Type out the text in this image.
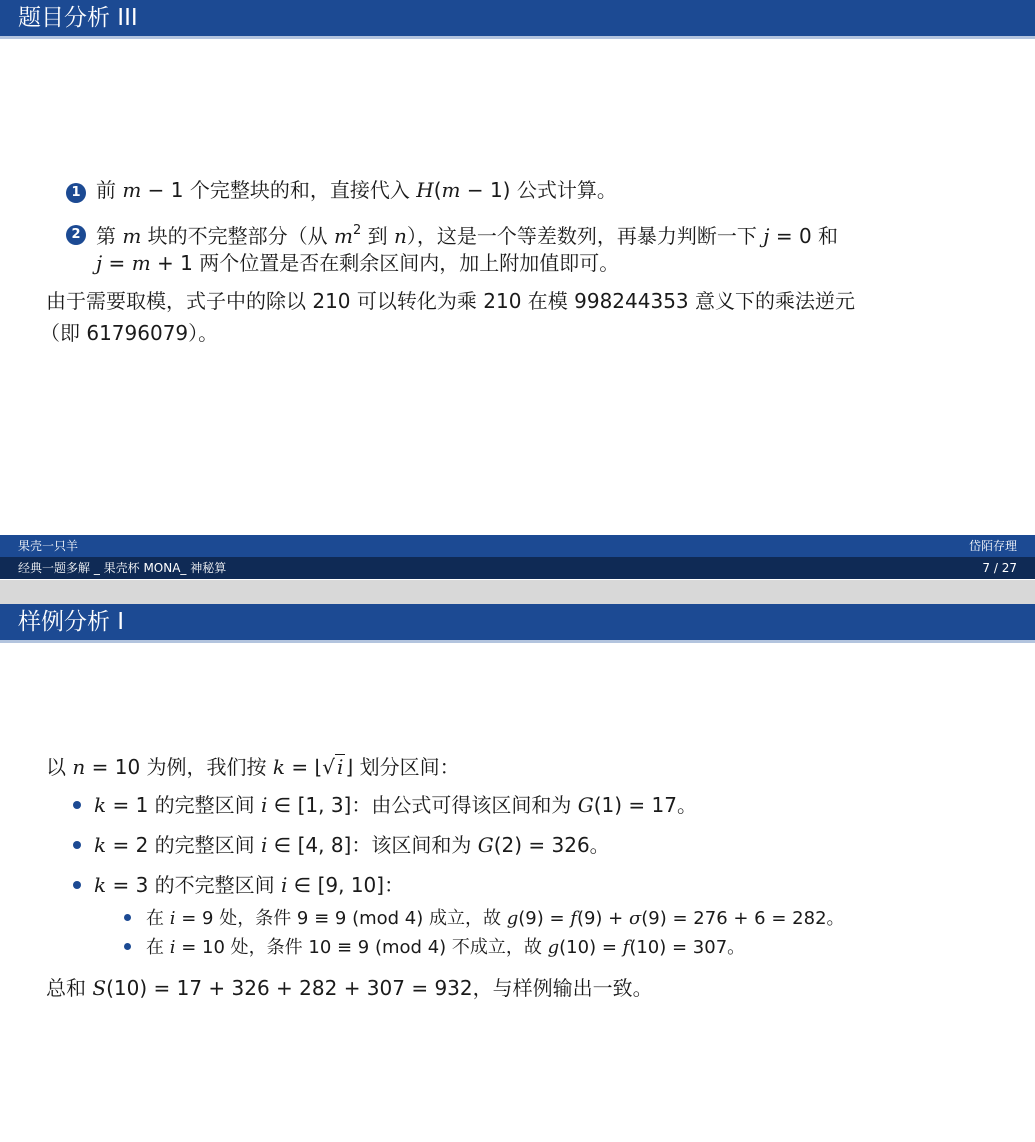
题目分析 III
1 前 m − 1 个完整块的和，直接代入 H(m − 1) 公式计算。
2 第 m 块的不完整部分（从 $m^2$ 到 n），这是一个等差数列，再暴力判断一下 j = 0 和
j = m + 1 两个位置是否在剩余区间内，加上附加值即可。
由于需要取模，式子中的除以 210 可以转化为乘 210 在模 998244353 意义下的乘法逆元
（即 61796079）。
果壳一只羊	岱陌存理
经典一题多解 _ 果壳杯 MONA_ 神秘算	7 / 27
样例分析 I
以 n = 10 为例，我们按 k = ⌊√ i ⌋ 划分区间：
k = 1 的完整区间 i ∈ [1, 3]：由公式可得该区间和为 G(1) = 17。
k = 2 的完整区间 i ∈ [4, 8]：该区间和为 G(2) = 326。
k = 3 的不完整区间 i ∈ [9, 10]：
在 i = 9 处，条件 9 ≡ 9 (mod 4) 成立，故 g(9) = f(9) + σ(9) = 276 + 6 = 282。
在 i = 10 处，条件 10 ≡ 9 (mod 4) 不成立，故 g(10) = f(10) = 307。
总和 S(10) = 17 + 326 + 282 + 307 = 932，与样例输出一致。
